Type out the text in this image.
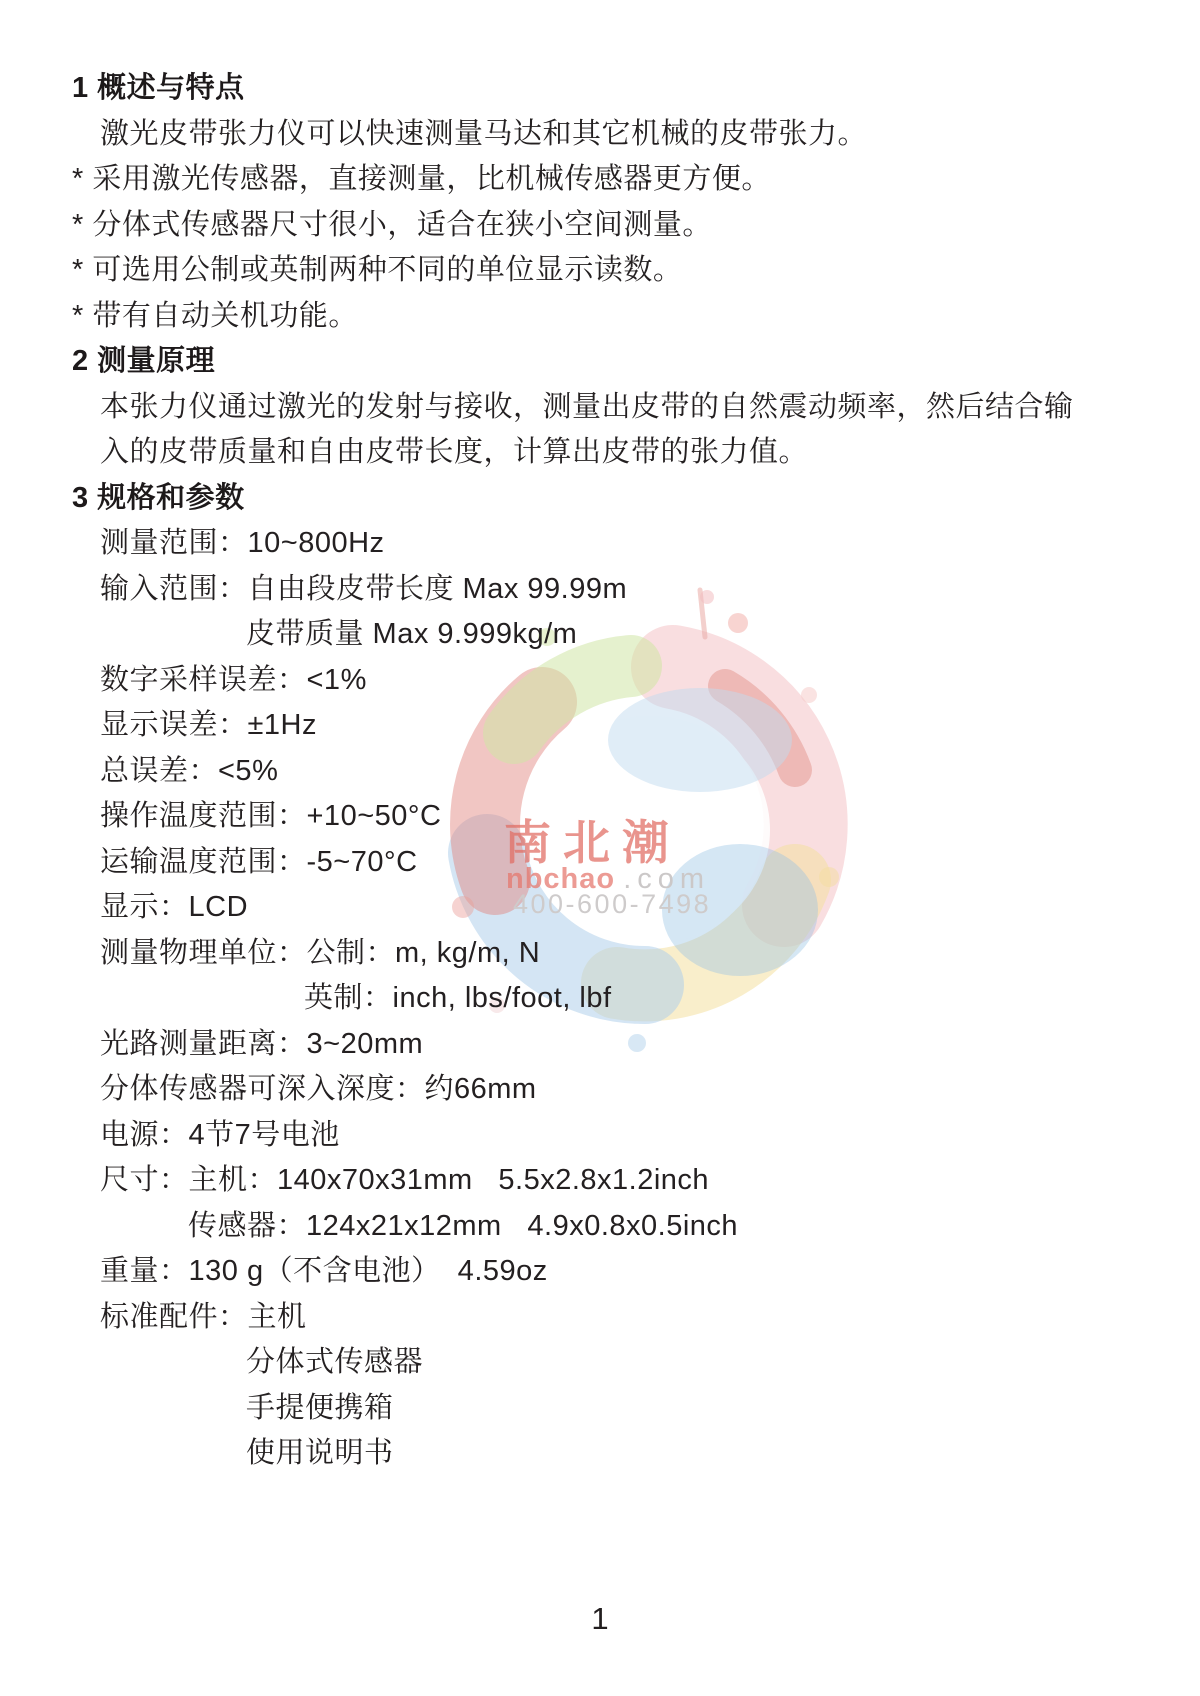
南北潮
nbchao .com
400-600-7498
1 概述与特点
激光皮带张力仪可以快速测量马达和其它机械的皮带张力。
* 采用激光传感器，直接测量，比机械传感器更方便。
* 分体式传感器尺寸很小，适合在狭小空间测量。
* 可选用公制或英制两种不同的单位显示读数。
* 带有自动关机功能。
2 测量原理
本张力仪通过激光的发射与接收，测量出皮带的自然震动频率，然后结合输
入的皮带质量和自由皮带长度，计算出皮带的张力值。
3 规格和参数
测量范围：10~800Hz
输入范围：自由段皮带长度 Max 99.99m
皮带质量 Max 9.999kg/m
数字采样误差：<1%
显示误差：±1Hz
总误差：<5%
操作温度范围：+10~50°C
运输温度范围：-5~70°C
显示：LCD
测量物理单位：公制：m, kg/m, N
英制：inch, lbs/foot, lbf
光路测量距离：3~20mm
分体传感器可深入深度：约66mm
电源：4节7号电池
尺寸：主机：140x70x31mm   5.5x2.8x1.2inch
传感器：124x21x12mm   4.9x0.8x0.5inch
重量：130 g（不含电池）  4.59oz
标准配件：主机
分体式传感器
手提便携箱
使用说明书
1
